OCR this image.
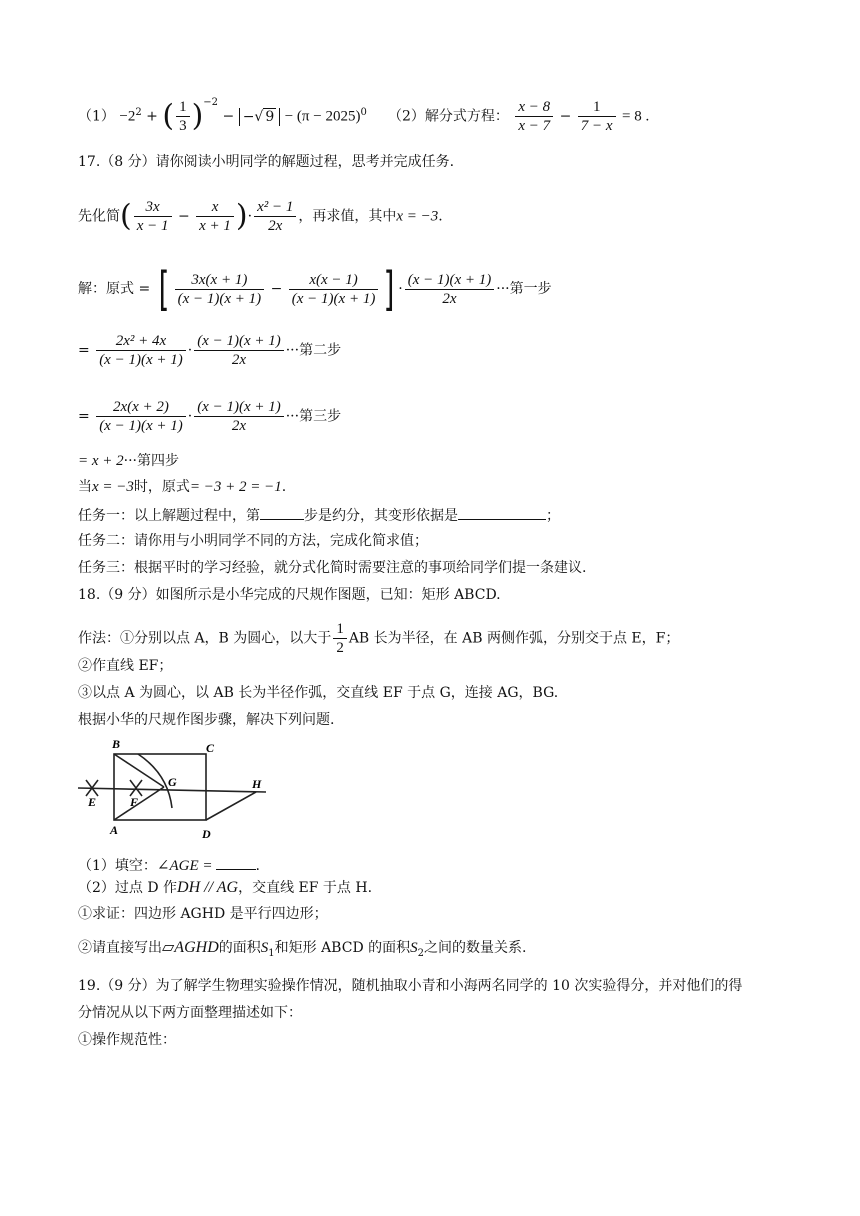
$(1) -2^2$ + ( $\frac{1}{3} )^{-2}$ − −√ $9 - (\pi - 2025)^0$ （2）解分式方程： $\frac{x - 8}{x - 7} - \frac{1}{7 - x} = 8$ .
17.（8 分）请你阅读小明同学的解题过程，思考并完成任务.
先化简( $\frac{3x}{x - 1} - \frac{x}{x + 1}$ )· $\frac{\text{x² − 1}}{2x}$ ，再求值，其中x = −3.
解：原式 = [ $\frac{3x(x + 1)}{(x - 1)(x + 1)} - \frac{x(x - 1)}{(x - 1)(x + 1)}$ ] · $\frac{(x - 1)(x + 1)}{2x}$ ···第一步
= $\frac{\text{2x² + 4x}}{(x - 1)(x + 1)} \cdot \frac{(x - 1)(x + 1)}{2x}$ ···第二步
= $\frac{2x(x + 2)}{(x - 1)(x + 1)} \cdot \frac{(x - 1)(x + 1)}{2x}$ ···第三步
= x + 2···第四步
当x = −3时，原式= −3 + 2 = −1.
任务一：以上解题过程中，第	步是约分，其变形依据是	；
任务二：请你用与小明同学不同的方法，完成化简求值；
任务三：根据平时的学习经验，就分式化简时需要注意的事项给同学们提一条建议.
18.（9 分）如图所示是小华完成的尺规作图题，已知：矩形 ABCD.
作法：①分别以点 A，B 为圆心，以大于 $\frac{1}{2}$ AB 长为半径，在 AB 两侧作弧，分别交于点 E，F；
②作直线 EF；
③以点 A 为圆心，以 AB 长为半径作弧，交直线 EF 于点 G，连接 AG，BG.
根据小华的尺规作图步骤，解决下列问题.
B	C
G	H
E	F
A	D
（1）填空：∠AGE =	.
（2）过点 D 作DH // AG，交直线 EF 于点 H.
①求证：四边形 AGHD 是平行四边形；
②请直接写出▱AGHD的面积$S_1$和矩形 ABCD 的面积$S_2$之间的数量关系.
19.（9 分）为了解学生物理实验操作情况，随机抽取小青和小海两名同学的 10 次实验得分，并对他们的得
分情况从以下两方面整理描述如下：
①操作规范性：
